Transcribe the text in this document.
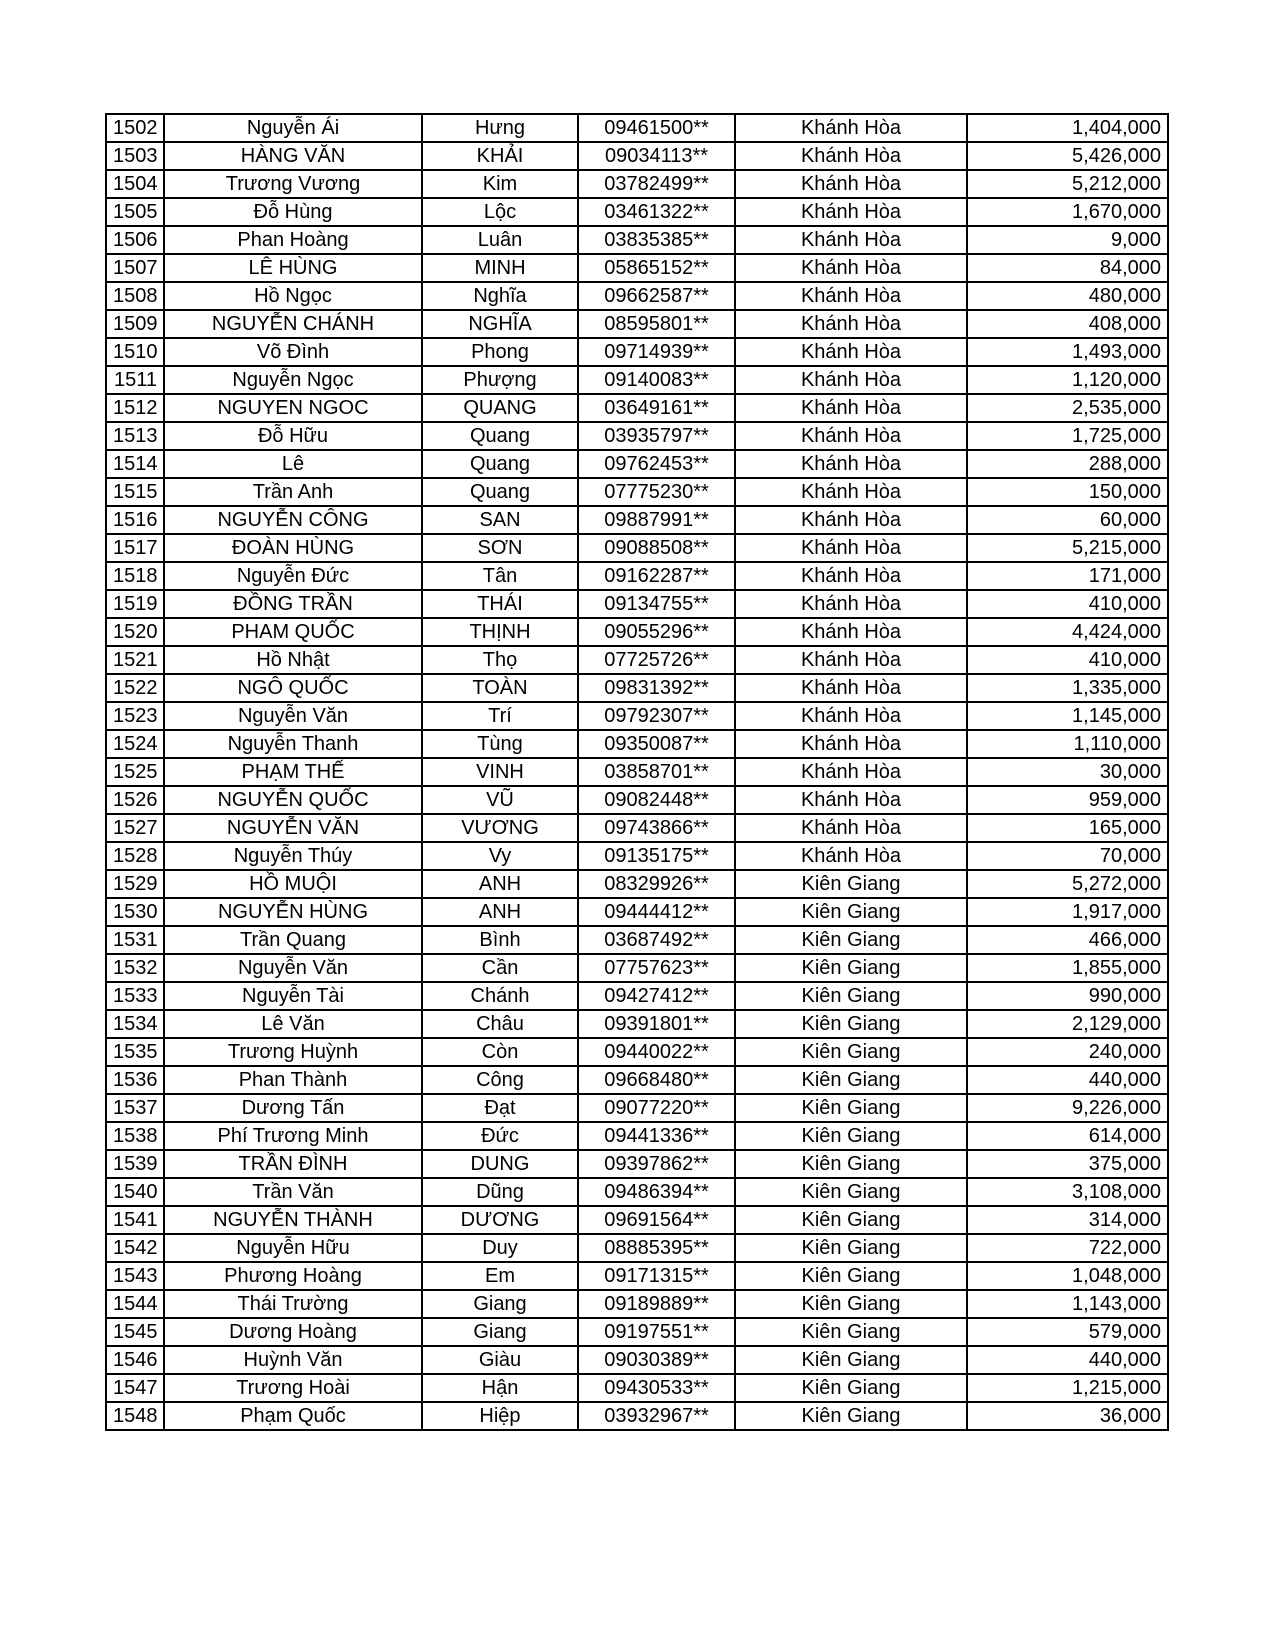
1502	Nguyễn Ái	Hưng	09461500**	Khánh Hòa	1,404,000
1503	HÀNG VĂN	KHẢI	09034113**	Khánh Hòa	5,426,000
1504	Trương Vương	Kim	03782499**	Khánh Hòa	5,212,000
1505	Đỗ Hùng	Lộc	03461322**	Khánh Hòa	1,670,000
1506	Phan Hoàng	Luân	03835385**	Khánh Hòa	9,000
1507	LÊ HÙNG	MINH	05865152**	Khánh Hòa	84,000
1508	Hồ Ngọc	Nghĩa	09662587**	Khánh Hòa	480,000
1509	NGUYỄN CHÁNH	NGHĨA	08595801**	Khánh Hòa	408,000
1510	Võ Đình	Phong	09714939**	Khánh Hòa	1,493,000
1511	Nguyễn Ngọc	Phượng	09140083**	Khánh Hòa	1,120,000
1512	NGUYEN NGOC	QUANG	03649161**	Khánh Hòa	2,535,000
1513	Đỗ Hữu	Quang	03935797**	Khánh Hòa	1,725,000
1514	Lê	Quang	09762453**	Khánh Hòa	288,000
1515	Trần Anh	Quang	07775230**	Khánh Hòa	150,000
1516	NGUYỄN CÔNG	SAN	09887991**	Khánh Hòa	60,000
1517	ĐOÀN HÙNG	SƠN	09088508**	Khánh Hòa	5,215,000
1518	Nguyễn Đức	Tân	09162287**	Khánh Hòa	171,000
1519	ĐỒNG TRẦN	THÁI	09134755**	Khánh Hòa	410,000
1520	PHAM QUỐC	THỊNH	09055296**	Khánh Hòa	4,424,000
1521	Hồ Nhật	Thọ	07725726**	Khánh Hòa	410,000
1522	NGÔ QUỐC	TOÀN	09831392**	Khánh Hòa	1,335,000
1523	Nguyễn Văn	Trí	09792307**	Khánh Hòa	1,145,000
1524	Nguyễn Thanh	Tùng	09350087**	Khánh Hòa	1,110,000
1525	PHẠM THẾ	VINH	03858701**	Khánh Hòa	30,000
1526	NGUYỄN QUỐC	VŨ	09082448**	Khánh Hòa	959,000
1527	NGUYỄN VĂN	VƯƠNG	09743866**	Khánh Hòa	165,000
1528	Nguyễn Thúy	Vy	09135175**	Khánh Hòa	70,000
1529	HỒ MUỘI	ANH	08329926**	Kiên Giang	5,272,000
1530	NGUYỄN HÙNG	ANH	09444412**	Kiên Giang	1,917,000
1531	Trần Quang	Bình	03687492**	Kiên Giang	466,000
1532	Nguyễn Văn	Cần	07757623**	Kiên Giang	1,855,000
1533	Nguyễn Tài	Chánh	09427412**	Kiên Giang	990,000
1534	Lê Văn	Châu	09391801**	Kiên Giang	2,129,000
1535	Trương Huỳnh	Còn	09440022**	Kiên Giang	240,000
1536	Phan Thành	Công	09668480**	Kiên Giang	440,000
1537	Dương Tấn	Đạt	09077220**	Kiên Giang	9,226,000
1538	Phí Trương Minh	Đức	09441336**	Kiên Giang	614,000
1539	TRẦN ĐÌNH	DUNG	09397862**	Kiên Giang	375,000
1540	Trần Văn	Dũng	09486394**	Kiên Giang	3,108,000
1541	NGUYỄN THÀNH	DƯƠNG	09691564**	Kiên Giang	314,000
1542	Nguyễn Hữu	Duy	08885395**	Kiên Giang	722,000
1543	Phương Hoàng	Em	09171315**	Kiên Giang	1,048,000
1544	Thái Trường	Giang	09189889**	Kiên Giang	1,143,000
1545	Dương Hoàng	Giang	09197551**	Kiên Giang	579,000
1546	Huỳnh Văn	Giàu	09030389**	Kiên Giang	440,000
1547	Trương Hoài	Hận	09430533**	Kiên Giang	1,215,000
1548	Phạm Quốc	Hiệp	03932967**	Kiên Giang	36,000
